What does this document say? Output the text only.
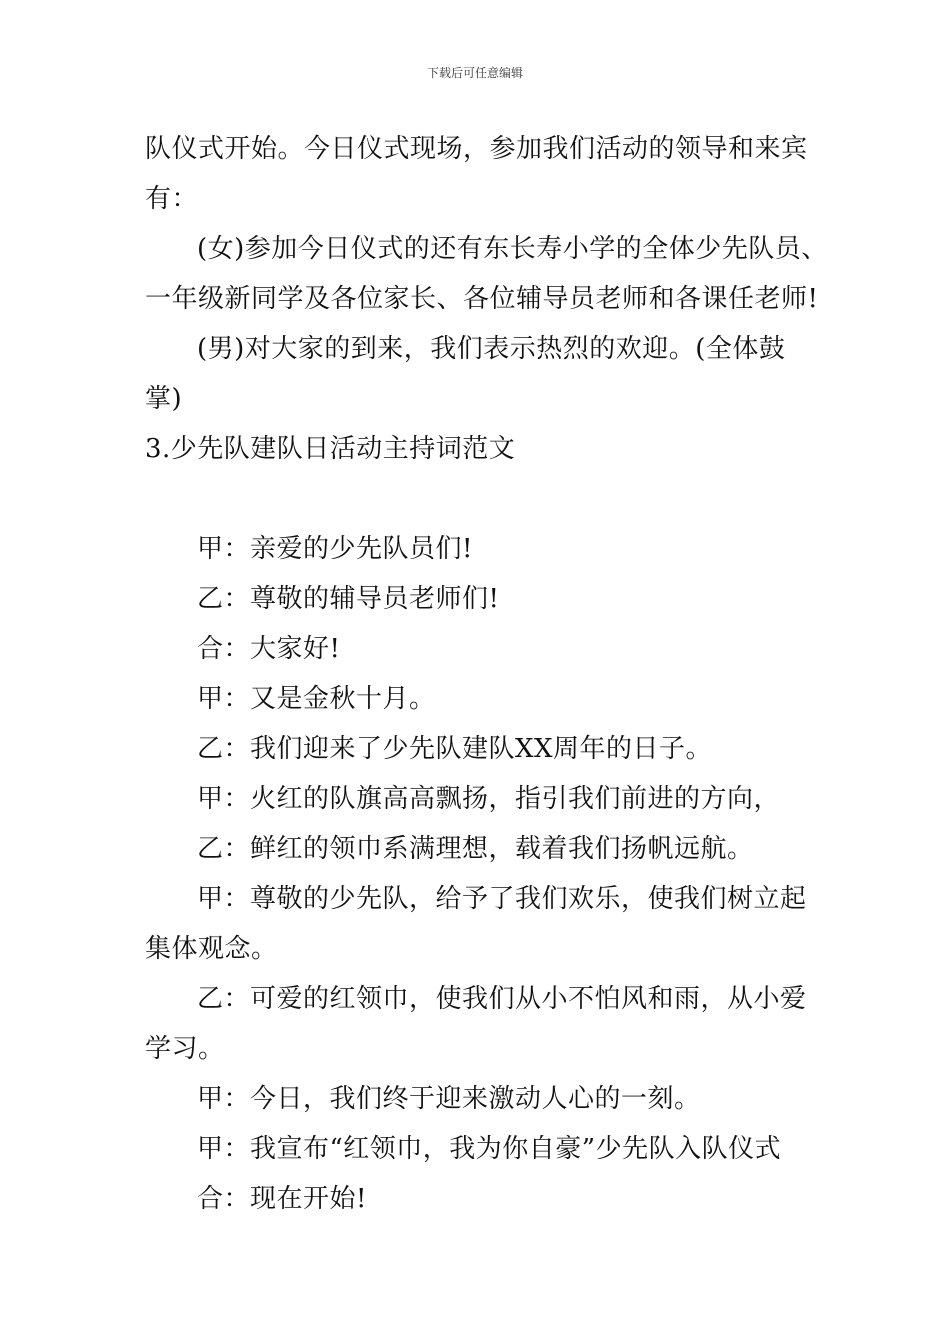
下载后可任意编辑
队仪式开始。今日仪式现场，参加我们活动的领导和来宾
有：
(女)参加今日仪式的还有东长寿小学的全体少先队员、
一年级新同学及各位家长、各位辅导员老师和各课任老师!
(男)对大家的到来，我们表示热烈的欢迎。(全体鼓
掌)
3.少先队建队日活动主持词范文
甲：亲爱的少先队员们!
乙：尊敬的辅导员老师们!
合：大家好!
甲：又是金秋十月。
乙：我们迎来了少先队建队XX周年的日子。
甲：火红的队旗高高飘扬，指引我们前进的方向，
乙：鲜红的领巾系满理想，载着我们扬帆远航。
甲：尊敬的少先队，给予了我们欢乐，使我们树立起
集体观念。
乙：可爱的红领巾，使我们从小不怕风和雨，从小爱
学习。
甲：今日，我们终于迎来激动人心的一刻。
甲：我宣布“红领巾，我为你自豪”少先队入队仪式
合：现在开始!
